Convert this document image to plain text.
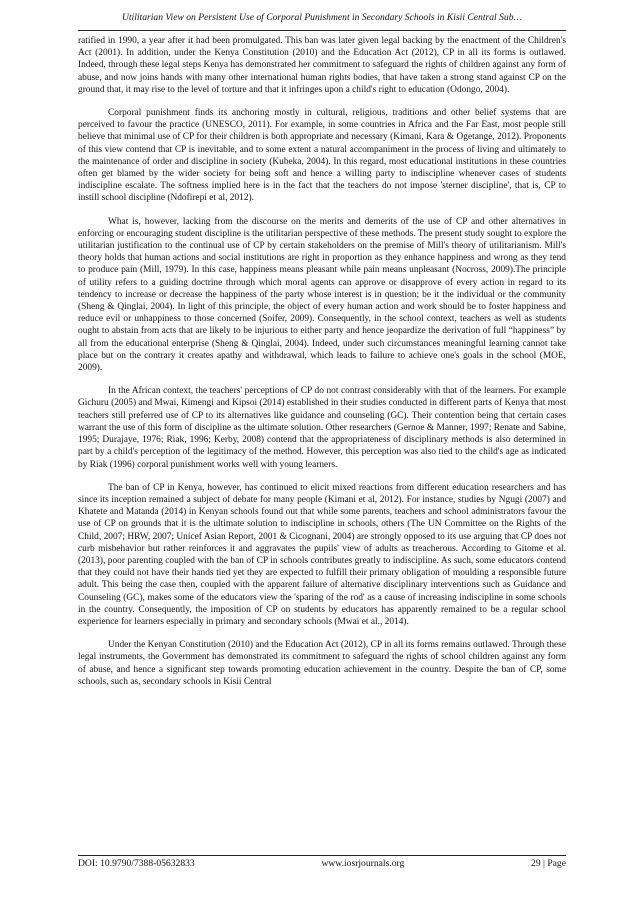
Utilitarian View on Persistent Use of Corporal Punishment in Secondary Schools in Kisii Central Sub…

ratified in 1990, a year after it had been promulgated. This ban was later given legal backing by the enactment of the Children's Act (2001). In addition, under the Kenya Constitution (2010) and the Education Act (2012), CP in all its forms is outlawed. Indeed, through these legal steps Kenya has demonstrated her commitment to safeguard the rights of children against any form of abuse, and now joins hands with many other international human rights bodies, that have taken a strong stand against CP on the ground that, it may rise to the level of torture and that it infringes upon a child's right to education (Odongo, 2004).

Corporal punishment finds its anchoring mostly in cultural, religious, traditions and other belief systems that are perceived to favour the practice (UNESCO, 2011). For example, in some countries in Africa and the Far East, most people still believe that minimal use of CP for their children is both appropriate and necessary (Kimani, Kara & Ogetange, 2012). Proponents of this view contend that CP is inevitable, and to some extent a natural accompaniment in the process of living and ultimately to the maintenance of order and discipline in society (Kubeka, 2004). In this regard, most educational institutions in these countries often get blamed by the wider society for being soft and hence a willing party to indiscipline whenever cases of students indiscipline escalate. The softness implied here is in the fact that the teachers do not impose 'sterner discipline', that is, CP to instill school discipline (Ndofirepi et al, 2012).

What is, however, lacking from the discourse on the merits and demerits of the use of CP and other alternatives in enforcing or encouraging student discipline is the utilitarian perspective of these methods. The present study sought to explore the utilitarian justification to the continual use of CP by certain stakeholders on the premise of Mill's theory of utilitarianism. Mill's theory holds that human actions and social institutions are right in proportion as they enhance happiness and wrong as they tend to produce pain (Mill, 1979). In this case, happiness means pleasant while pain means unpleasant (Nocross, 2009).The principle of utility refers to a guiding doctrine through which moral agents can approve or disapprove of every action in regard to its tendency to increase or decrease the happiness of the party whose interest is in question; be it the individual or the community (Sheng & Qinglai, 2004). In light of this principle, the object of every human action and work should be to foster happiness and reduce evil or unhappiness to those concerned (Soifer, 2009). Consequently, in the school context, teachers as well as students ought to abstain from acts that are likely to be injurious to either party and hence jeopardize the derivation of full “happiness” by all from the educational enterprise (Sheng & Qinglai, 2004). Indeed, under such circumstances meaningful learning cannot take place but on the contrary it creates apathy and withdrawal, which leads to failure to achieve one's goals in the school (MOE, 2009).

In the African context, the teachers' perceptions of CP do not contrast considerably with that of the learners. For example Gichuru (2005) and Mwai, Kimengi and Kipsoi (2014) established in their studies conducted in different parts of Kenya that most teachers still preferred use of CP to its alternatives like guidance and counseling (GC). Their contention being that certain cases warrant the use of this form of discipline as the ultimate solution. Other researchers (Gernoe & Manner, 1997; Renate and Sabine, 1995; Durajaye, 1976; Riak, 1996; Kerby, 2008) contend that the appropriateness of disciplinary methods is also determined in part by a child's perception of the legitimacy of the method. However, this perception was also tied to the child's age as indicated by Riak (1996) corporal punishment works well with young learners.

The ban of CP in Kenya, however, has continued to elicit mixed reactions from different education researchers and has since its inception remained a subject of debate for many people (Kimani et al, 2012). For instance, studies by Ngugi (2007) and Khatete and Matanda (2014) in Kenyan schools found out that while some parents, teachers and school administrators favour the use of CP on grounds that it is the ultimate solution to indiscipline in schools, others (The UN Committee on the Rights of the Child, 2007; HRW, 2007; Unicef Asian Report, 2001 & Cicognani, 2004) are strongly opposed to its use arguing that CP does not curb misbehavior but rather reinforces it and aggravates the pupils' view of adults as treacherous. According to Gitome et al. (2013), poor parenting coupled with the ban of CP in schools contributes greatly to indiscipline. As such, some educators contend that they could not have their hands tied yet they are expected to fulfill their primary obligation of moulding a responsible future adult. This being the case then, coupled with the apparent failure of alternative disciplinary interventions such as Guidance and Counseling (GC), makes some of the educators view the 'sparing of the rod' as a cause of increasing indiscipline in some schools in the country. Consequently, the imposition of CP on students by educators has apparently remained to be a regular school experience for learners especially in primary and secondary schools (Mwai et al., 2014).

Under the Kenyan Constitution (2010) and the Education Act (2012), CP in all its forms remains outlawed. Through these legal instruments, the Government has demonstrated its commitment to safeguard the rights of school children against any form of abuse, and hence a significant step towards promoting education achievement in the country. Despite the ban of CP, some schools, such as, secondary schools in Kisii Central

DOI: 10.9790/7388-05632833	www.iosrjournals.org	29 | Page
